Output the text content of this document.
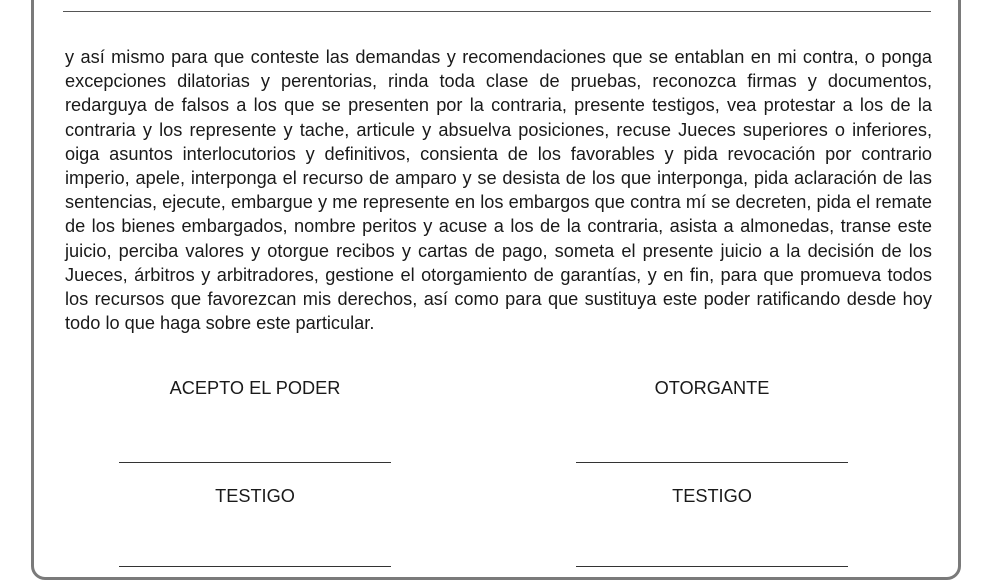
y así mismo para que conteste las demandas y recomendaciones que se entablan en mi contra, o ponga excepciones dilatorias y perentorias, rinda toda clase de pruebas, reconozca firmas y documentos, redarguya de falsos a los que se presenten por la contraria, presente testigos, vea protestar a los de la contraria y los represente y tache, articule y absuelva posiciones, recuse Jueces superiores o inferiores, oiga asuntos interlocutorios y definitivos, consienta de los favorables y pida revocación por contrario imperio, apele, interponga el recurso de amparo y se desista de los que interponga, pida aclaración de las sentencias, ejecute, embargue y me represente en los embargos que contra mí se decreten, pida el remate de los bienes embargados, nombre peritos y acuse a los de la contraria, asista a almonedas, transe este juicio, perciba valores y otorgue recibos y cartas de pago, someta el presente juicio a la decisión de los Jueces, árbitros y arbitradores, gestione el otorgamiento de garantías, y en fin, para que promueva todos los recursos que favorezcan mis derechos, así como para que sustituya este poder ratificando desde hoy todo lo que haga sobre este particular.

ACEPTO EL PODER	OTORGANTE
TESTIGO	TESTIGO
